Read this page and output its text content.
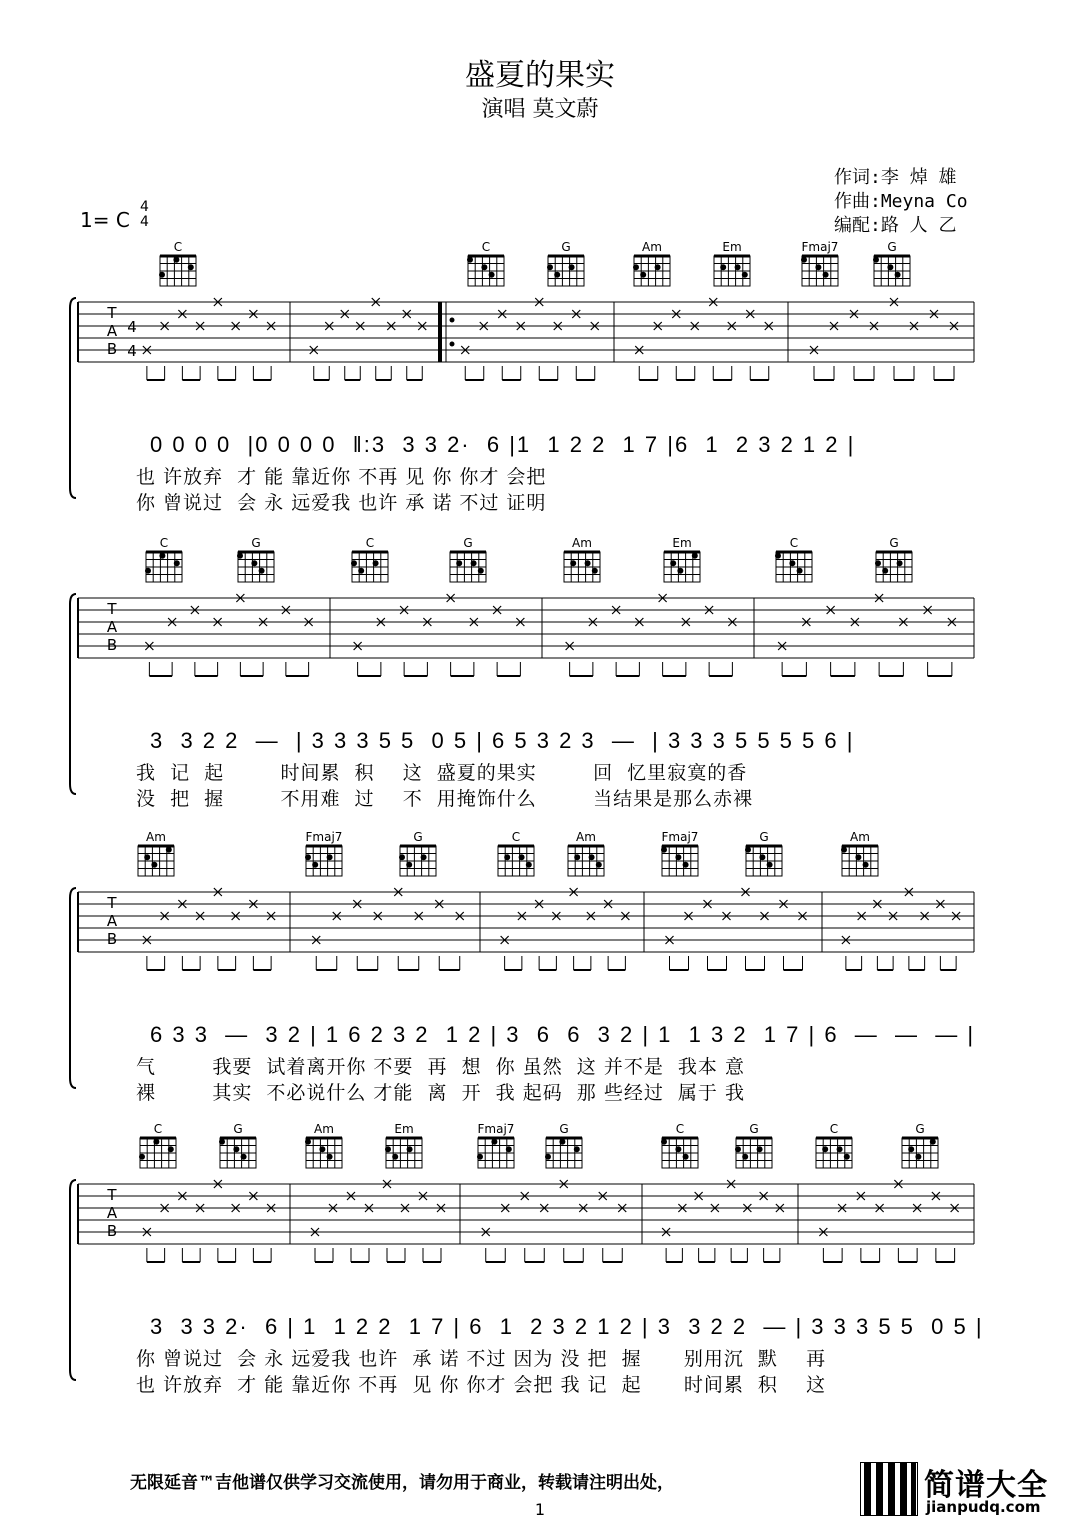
盛夏的果实
演唱 莫文蔚
作词:李 焯 雄
作曲:Meyna Co
编配:路 人 乙
1= C
4
4
T
A
B
4
4
T
A
B
T
A
B
T
A
B
C	C	G	Am	Em	Fmaj7	G
0 0 0 0  |0 0 0 0  ‖:3  3 3 2·  6 |1  1 2 2  1 7 |6  1  2 3 2 1 2 |
也 许放弃  才 能 靠近你 不再 见 你 你才 会把
你 曾说过  会 永 远爱我 也许 承 诺 不过 证明
C	G	C	G	Am	Em	C	G
3  3 2 2  —  | 3 3 3 5 5  0 5 | 6 5 3 2 3  —  | 3 3 3 5 5 5 5 6 |
我  记  起        时间累  积    这  盛夏的果实        回  忆里寂寞的香
没  把  握        不用难  过    不  用掩饰什么        当结果是那么赤裸
Am	Fmaj7	G	C	Am	Fmaj7	G	Am
6 3 3  —  3 2 | 1 6 2 3 2  1 2 | 3  6  6  3 2 | 1  1 3 2  1 7 | 6  —  —  — |
气        我要  试着离开你 不要  再  想  你 虽然  这 并不是  我本 意
裸        其实  不必说什么 才能  离  开  我 起码  那 些经过  属于 我
C	G	Am	Em	Fmaj7	G	C	G	C	G
3  3 3 2·  6 | 1  1 2 2  1 7 | 6  1  2 3 2 1 2 | 3  3 2 2  — | 3 3 3 5 5  0 5 |
你 曾说过  会 永 远爱我 也许  承 诺 不过 因为 没 把  握      别用沉  默    再
也 许放弃  才 能 靠近你 不再  见 你 你才 会把 我 记  起      时间累  积    这
无限延音™吉他谱仅供学习交流使用，请勿用于商业，转载请注明出处，
1
简谱大全
jianpudq.com
